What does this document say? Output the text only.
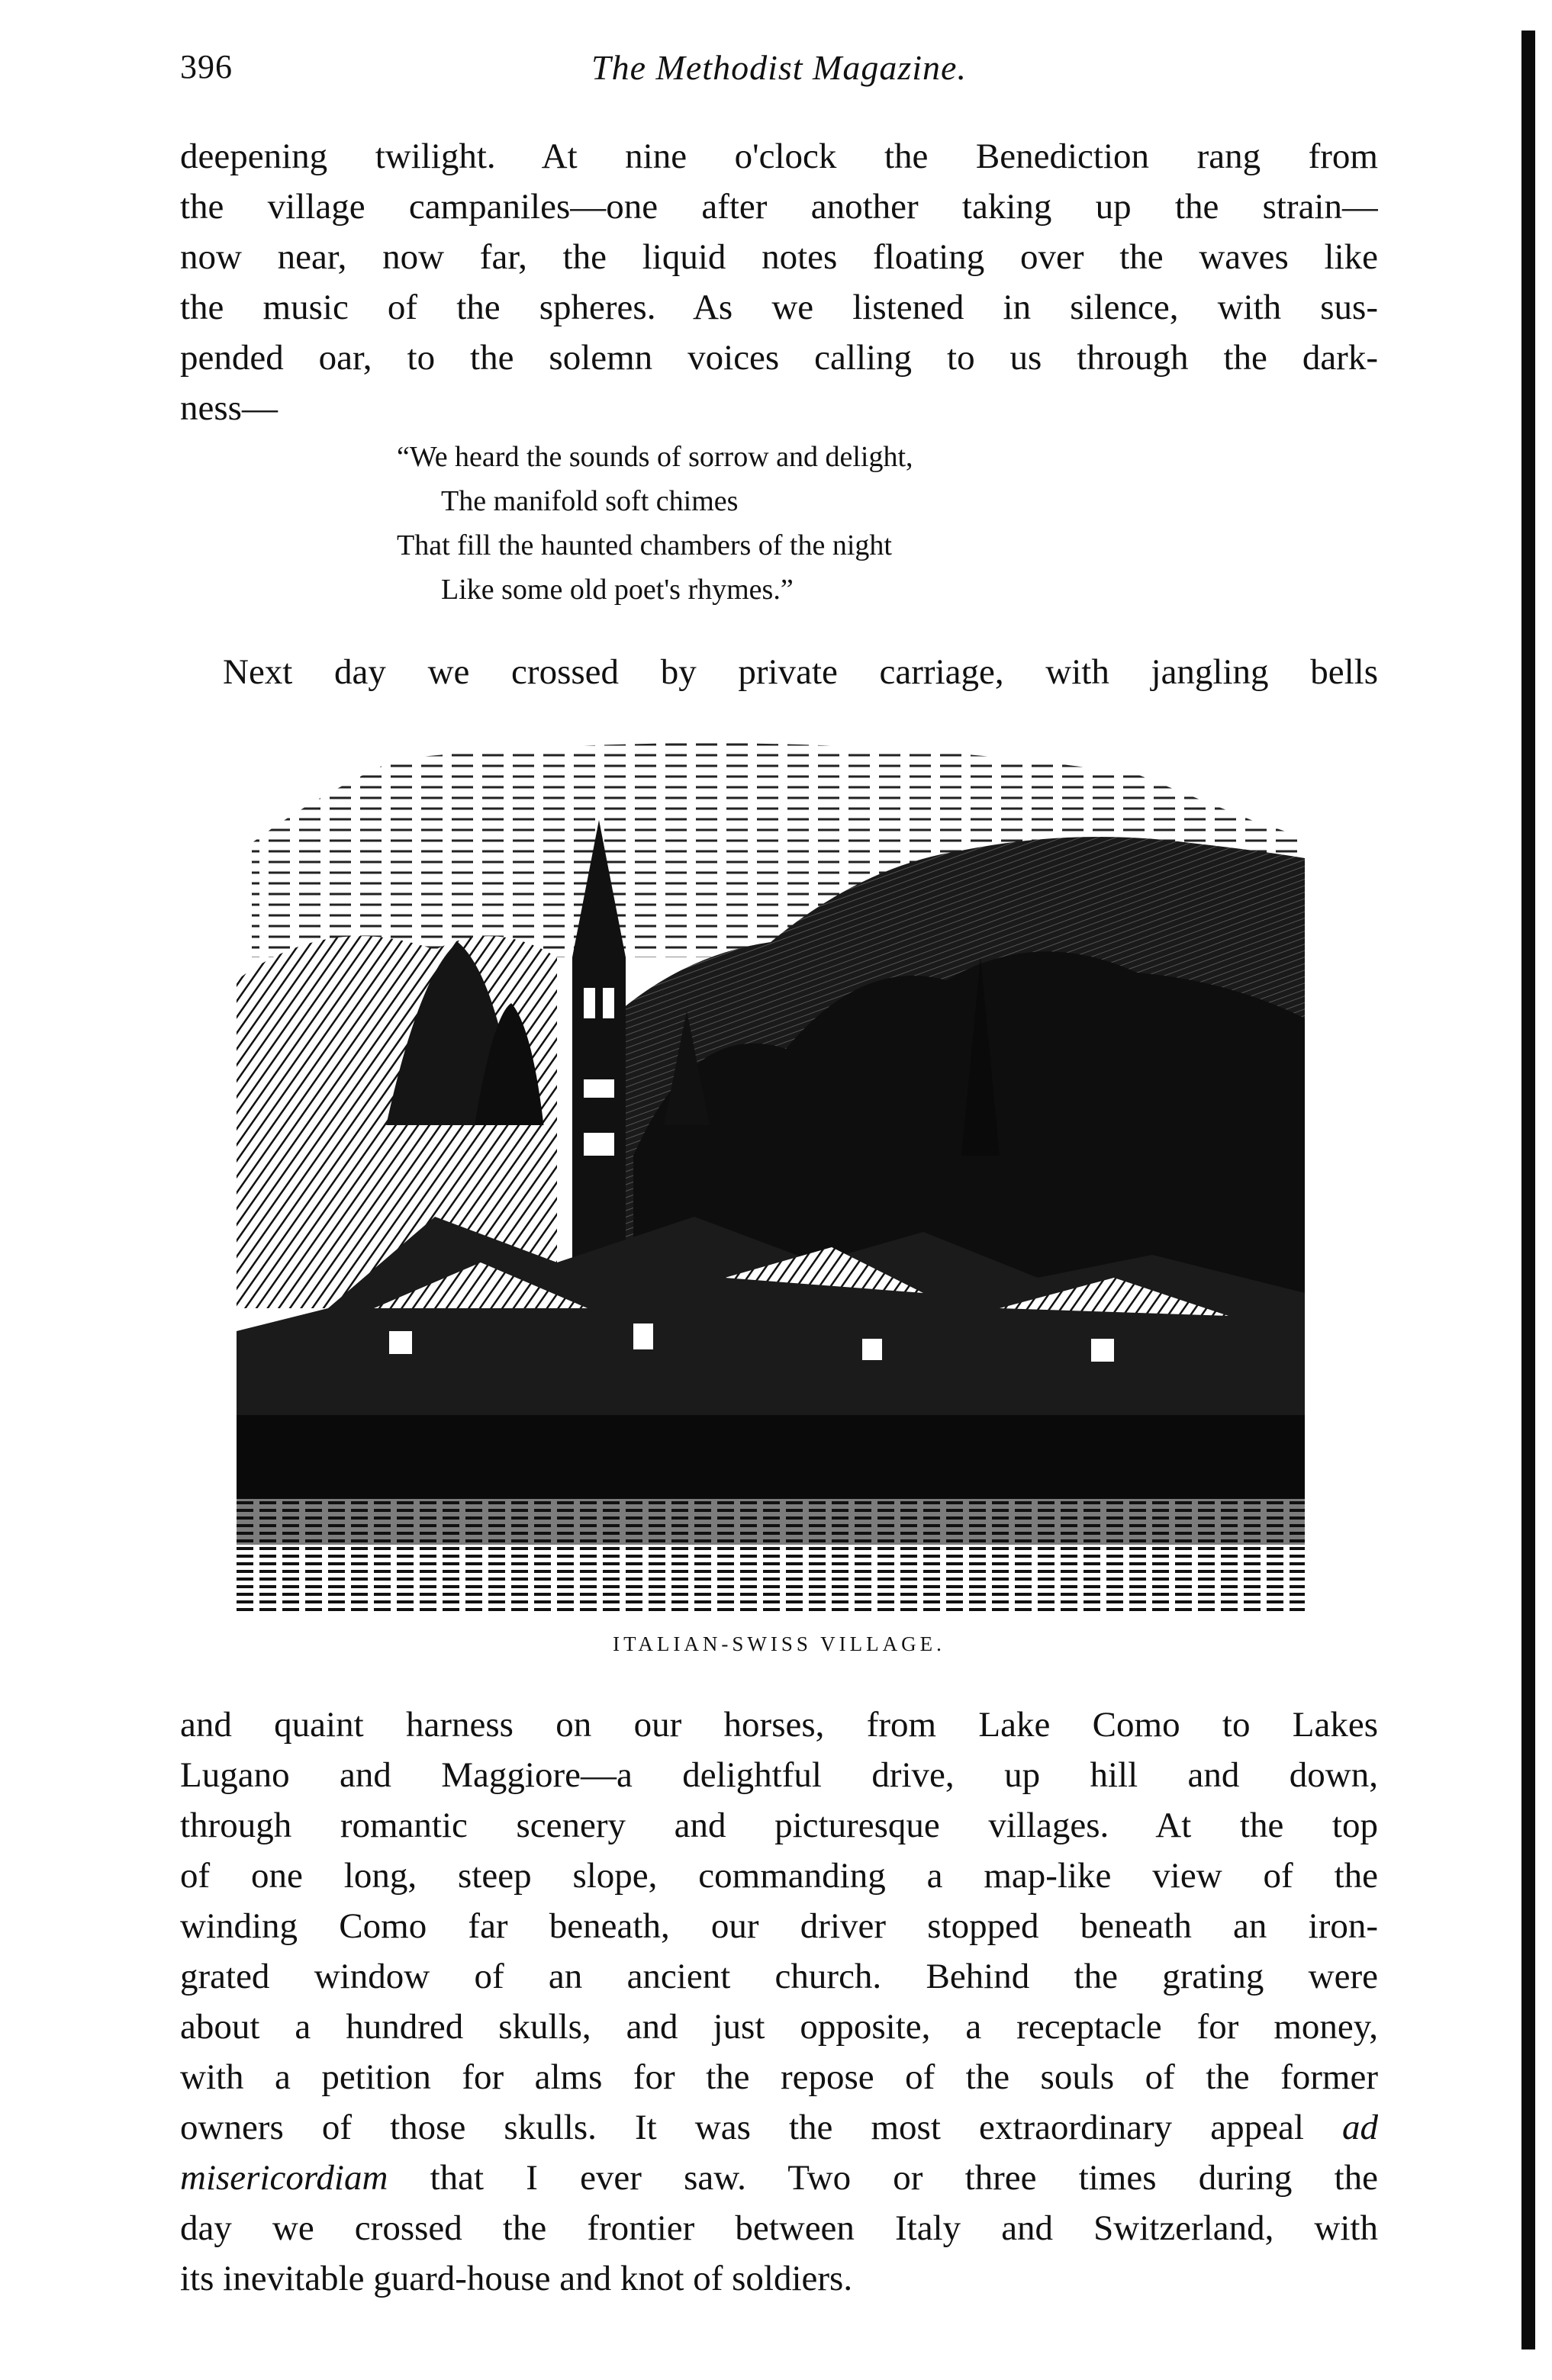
396	The Methodist Magazine.
deepening twilight. At nine o'clock the Benediction rang from
the village campaniles—one after another taking up the strain—
now near, now far, the liquid notes floating over the waves like
the music of the spheres. As we listened in silence, with sus-
pended oar, to the solemn voices calling to us through the dark-
ness—
“We heard the sounds of sorrow and delight,
The manifold soft chimes
That fill the haunted chambers of the night
Like some old poet's rhymes.”
Next day we crossed by private carriage, with jangling bells
ITALIAN-SWISS VILLAGE.
and quaint harness on our horses, from Lake Como to Lakes
Lugano and Maggiore—a delightful drive, up hill and down,
through romantic scenery and picturesque villages. At the top
of one long, steep slope, commanding a map-like view of the
winding Como far beneath, our driver stopped beneath an iron-
grated window of an ancient church. Behind the grating were
about a hundred skulls, and just opposite, a receptacle for money,
with a petition for alms for the repose of the souls of the former
owners of those skulls. It was the most extraordinary appeal ad
misericordiam that I ever saw. Two or three times during the
day we crossed the frontier between Italy and Switzerland, with
its inevitable guard-house and knot of soldiers.
